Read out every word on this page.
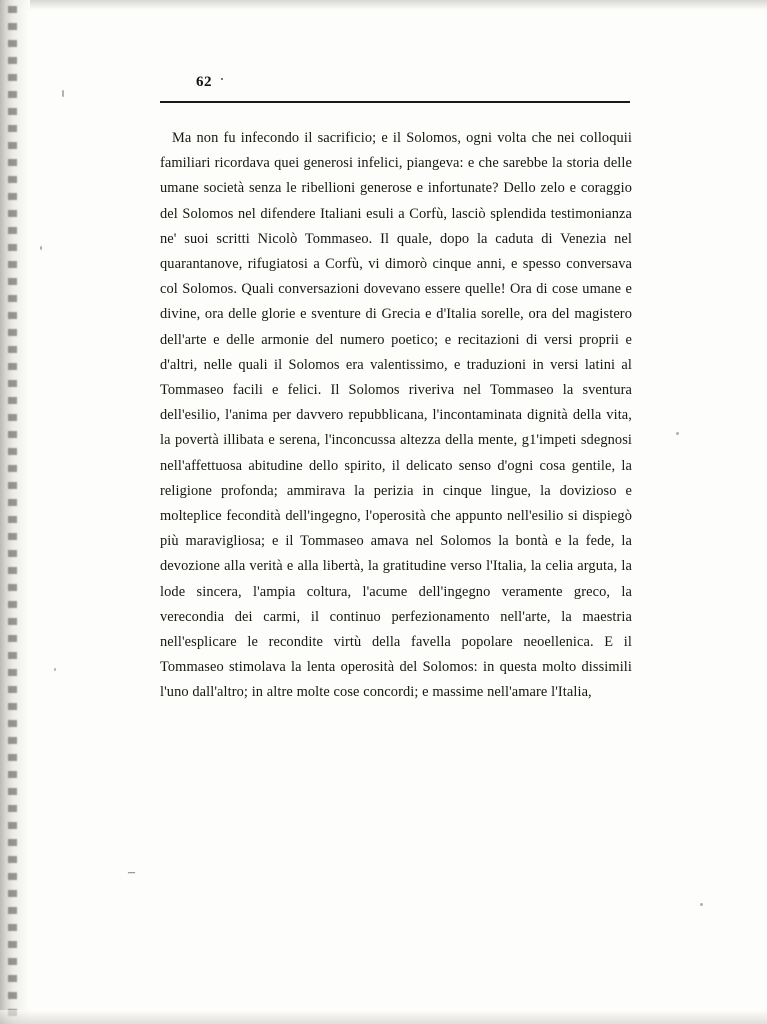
62

Ma non fu infecondo il sacrificio; e il Solomos, ogni volta che nei colloquii familiari ricordava quei generosi infelici, piangeva: e che sarebbe la storia delle umane società senza le ribellioni generose e infortunate? Dello zelo e coraggio del Solomos nel difendere Italiani esuli a Corfù, lasciò splendida testimonianza ne' suoi scritti Nicolò Tommaseo. Il quale, dopo la caduta di Venezia nel quarantanove, rifugiatosi a Corfù, vi dimorò cinque anni, e spesso conversava col Solomos. Quali conversazioni dovevano essere quelle! Ora di cose umane e divine, ora delle glorie e sventure di Grecia e d'Italia sorelle, ora del magistero dell'arte e delle armonie del numero poetico; e recitazioni di versi proprii e d'altri, nelle quali il Solomos era valentissimo, e traduzioni in versi latini al Tommaseo facili e felici. Il Solomos riveriva nel Tommaseo la sventura dell'esilio, l'anima per davvero repubblicana, l'incontaminata dignità della vita, la povertà illibata e serena, l'inconcussa altezza della mente, g1'impeti sdegnosi nell'affettuosa abitudine dello spirito, il delicato senso d'ogni cosa gentile, la religione profonda; ammirava la perizia in cinque lingue, la dovizioso e molteplice fecondità dell'ingegno, l'operosità che appunto nell'esilio si dispiegò più maravigliosa; e il Tommaseo amava nel Solomos la bontà e la fede, la devozione alla verità e alla libertà, la gratitudine verso l'Italia, la celia arguta, la lode sincera, l'ampia coltura, l'acume dell'ingegno veramente greco, la verecondia dei carmi, il continuo perfezionamento nell'arte, la maestria nell'esplicare le recondite virtù della favella popolare neoellenica. E il Tommaseo stimolava la lenta operosità del Solomos: in questa molto dissimili l'uno dall'altro; in altre molte cose concordi; e massime nell'amare l'Italia,

–
